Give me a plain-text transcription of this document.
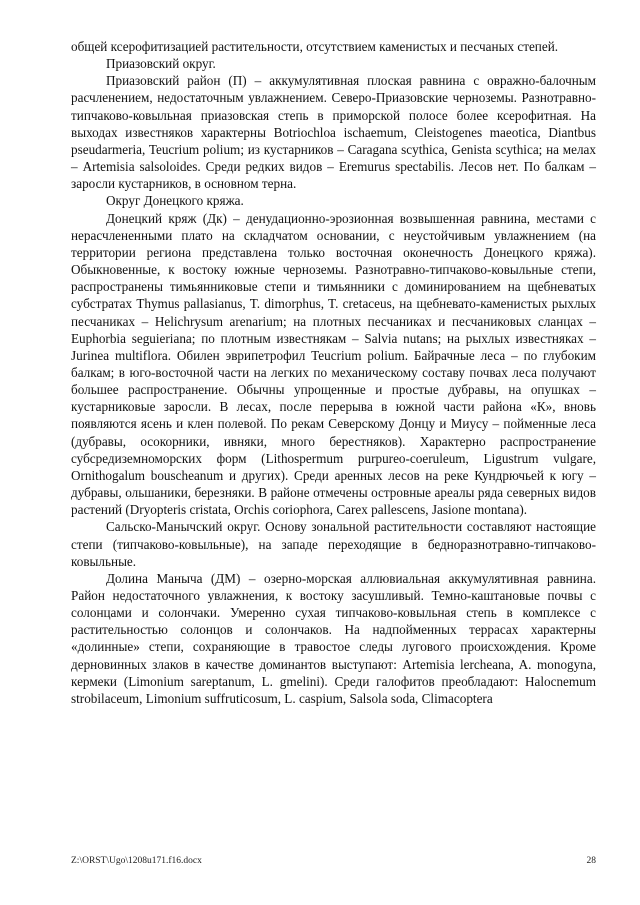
общей ксерофитизацией растительности, отсутствием каменистых и песчаных степей.

Приазовский округ.

Приазовский район (П) – аккумулятивная плоская равнина с овражно-балочным расчленением, недостаточным увлажнением. Северо-Приазовские черноземы. Разнотравно-типчаково-ковыльная приазовская степь в приморской полосе более ксерофитная. На выходах известняков характерны Botriochloa ischaemum, Cleistogenes maeotica, Diantbus pseudarmeria, Teucrium polium; из кустарников – Caragana scythica, Genista scythica; на мелах – Artemisia salsoloides. Среди редких видов – Eremurus spectabilis. Лесов нет. По балкам – заросли кустарников, в основном терна.

Округ Донецкого кряжа.

Донецкий кряж (Дк) – денудационно-эрозионная возвышенная равнина, местами с нерасчлененными плато на складчатом основании, с неустойчивым увлажнением (на территории региона представлена только восточная оконечность Донецкого кряжа). Обыкновенные, к востоку южные черноземы. Разнотравно-типчаково-ковыльные степи, распространены тимьянниковые степи и тимьянники с доминированием на щебневатых субстратах Thymus pallasianus, T. dimorphus, T. cretaceus, на щебневато-каменистых рыхлых песчаниках – Helichrysum arenarium; на плотных песчаниках и песчаниковых сланцах – Euphorbia seguieriana; по плотным известнякам – Salvia nutans; на рыхлых известняках – Jurinea multiflora. Обилен эврипетрофил Teucrium polium. Байрачные леса – по глубоким балкам; в юго-восточной части на легких по механическому составу почвах леса получают большее распространение. Обычны упрощенные и простые дубравы, на опушках – кустарниковые заросли. В лесах, после перерыва в южной части района «К», вновь появляются ясень и клен полевой. По рекам Северскому Донцу и Миусу – пойменные леса (дубравы, осокорники, ивняки, много берестняков). Характерно распространение субсредиземноморских форм (Lithospermum purpureo-coeruleum, Ligustrum vulgare, Ornithogalum bouscheanum и других). Среди аренных лесов на реке Кундрючьей к югу – дубравы, ольшаники, березняки. В районе отмечены островные ареалы ряда северных видов растений (Dryopteris cristata, Orchis coriophora, Carex pallescens, Jasione montana).

Сальско-Манычский округ. Основу зональной растительности составляют настоящие степи (типчаково-ковыльные), на западе переходящие в бедноразнотравно-типчаково-ковыльные.

Долина Маныча (ДМ) – озерно-морская аллювиальная аккумулятивная равнина. Район недостаточного увлажнения, к востоку засушливый. Темно-каштановые почвы с солонцами и солончаки. Умеренно сухая типчаково-ковыльная степь в комплексе с растительностью солонцов и солончаков. На надпойменных террасах характерны «долинные» степи, сохраняющие в травостое следы лугового происхождения. Кроме дерновинных злаков в качестве доминантов выступают: Artemisia lercheana, A. monogyna, кермеки (Limonium sareptanum, L. gmelini). Среди галофитов преобладают: Halocnemum strobilaceum, Limonium suffruticosum, L. caspium, Salsola soda, Climacoptera

Z:\ORST\Ugo\1208u171.f16.docx	28
